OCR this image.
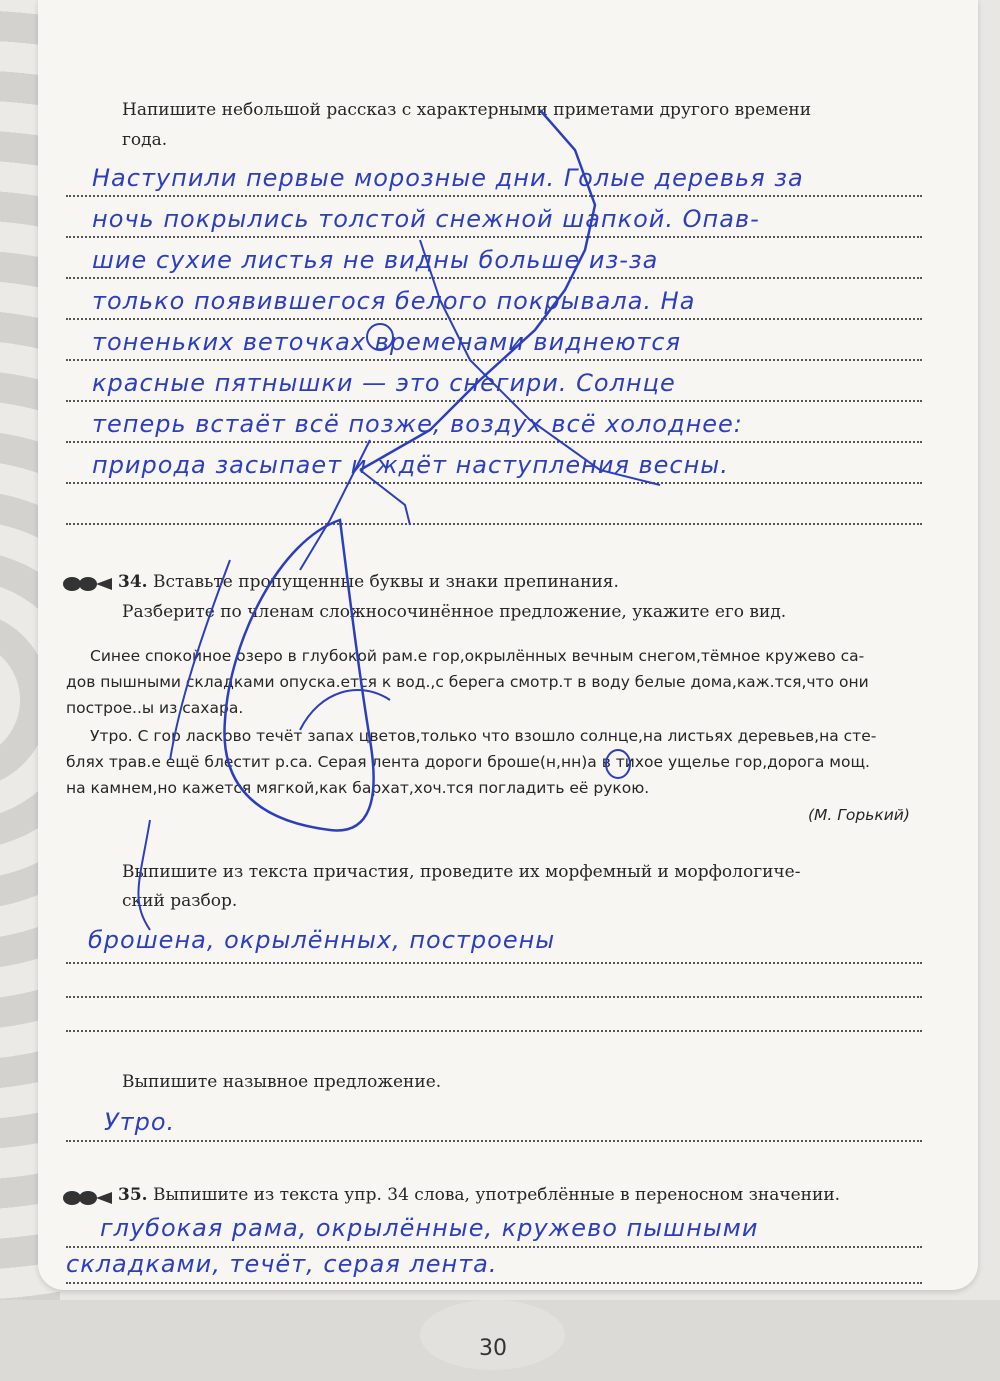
Напишите небольшой рассказ с характерными приметами другого времени
года.
Наступили первые морозные дни. Голые деревья за
ночь покрылись толстой снежной шапкой. Опав-
шие сухие листья не видны больше из-за
только появившегося белого покрывала. На
тоненьких веточках временами виднеются
красные пятнышки — это снегири. Солнце
теперь встаёт всё позже, воздух всё холоднее:
природа засыпает и ждёт наступления весны.
34. Вставьте пропущенные буквы и знаки препинания.
Разберите по членам сложносочинённое предложение, укажите его вид.
Синее спокойное озеро в глубокой рам.е гор,окрылённых вечным снегом,тёмное кружево са-
дов пышными складками опуска.ется к вод.,с берега смотр.т в воду белые дома,каж.тся,что они
построе..ы из сахара.
Утро. С гор ласково течёт запах цветов,только что взошло солнце,на листьях деревьев,на сте-
блях трав.е ещё блестит р.са. Серая лента дороги броше(н,нн)а в тихое ущелье гор,дорога мощ.
на камнем,но кажется мягкой,как бархат,хоч.тся погладить её рукою.
(М. Горький)
Выпишите из текста причастия, проведите их морфемный и морфологиче-
ский разбор.
брошена, окрылённых, построены
Выпишите назывное предложение.
Утро.
35. Выпишите из текста упр. 34 слова, употреблённые в переносном значении.
глубокая рама, окрылённые, кружево пышными
складками, течёт, серая лента.
30
